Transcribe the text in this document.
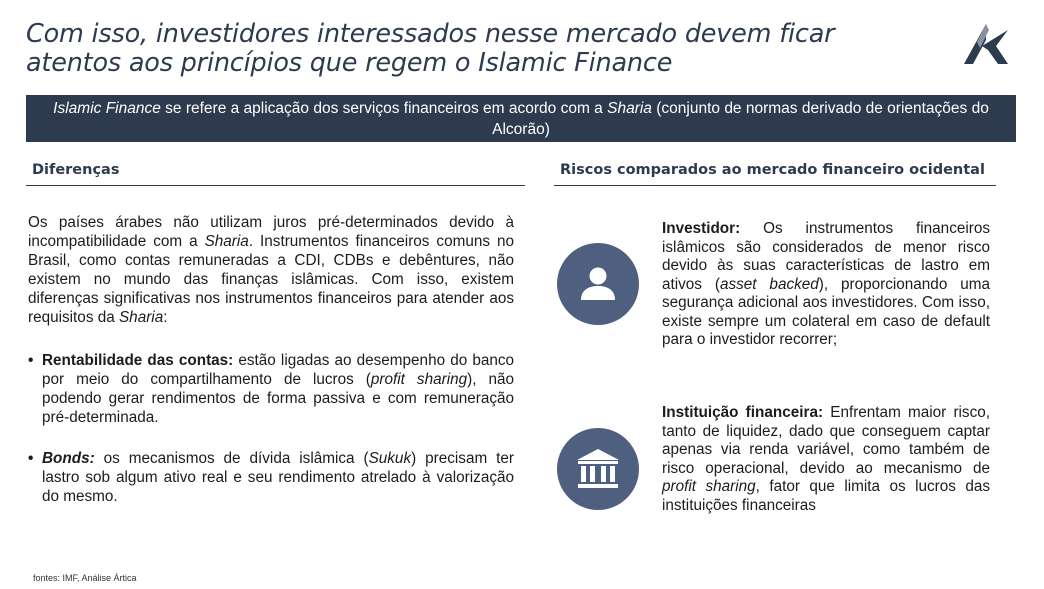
Com isso, investidores interessados nesse mercado devem ficar atentos aos princípios que regem o Islamic Finance
Islamic Finance se refere a aplicação dos serviços financeiros em acordo com a Sharia (conjunto de normas derivado de orientações do Alcorão)
Diferenças	Riscos comparados ao mercado financeiro ocidental
Os países árabes não utilizam juros pré-determinados devido à incompatibilidade com a Sharia. Instrumentos financeiros comuns no Brasil, como contas remuneradas a CDI, CDBs e debêntures, não existem no mundo das finanças islâmicas. Com isso, existem diferenças significativas nos instrumentos financeiros para atender aos requisitos da Sharia:
• Rentabilidade das contas: estão ligadas ao desempenho do banco por meio do compartilhamento de lucros (profit sharing), não podendo gerar rendimentos de forma passiva e com remuneração pré-determinada.
• Bonds: os mecanismos de dívida islâmica (Sukuk) precisam ter lastro sob algum ativo real e seu rendimento atrelado à valorização do mesmo.
Investidor: Os instrumentos financeiros islâmicos são considerados de menor risco devido às suas características de lastro em ativos (asset backed), proporcionando uma segurança adicional aos investidores. Com isso, existe sempre um colateral em caso de default para o investidor recorrer;
Instituição financeira: Enfrentam maior risco, tanto de liquidez, dado que conseguem captar apenas via renda variável, como também de risco operacional, devido ao mecanismo de profit sharing, fator que limita os lucros das instituições financeiras
fontes: IMF, Análise Ártica
